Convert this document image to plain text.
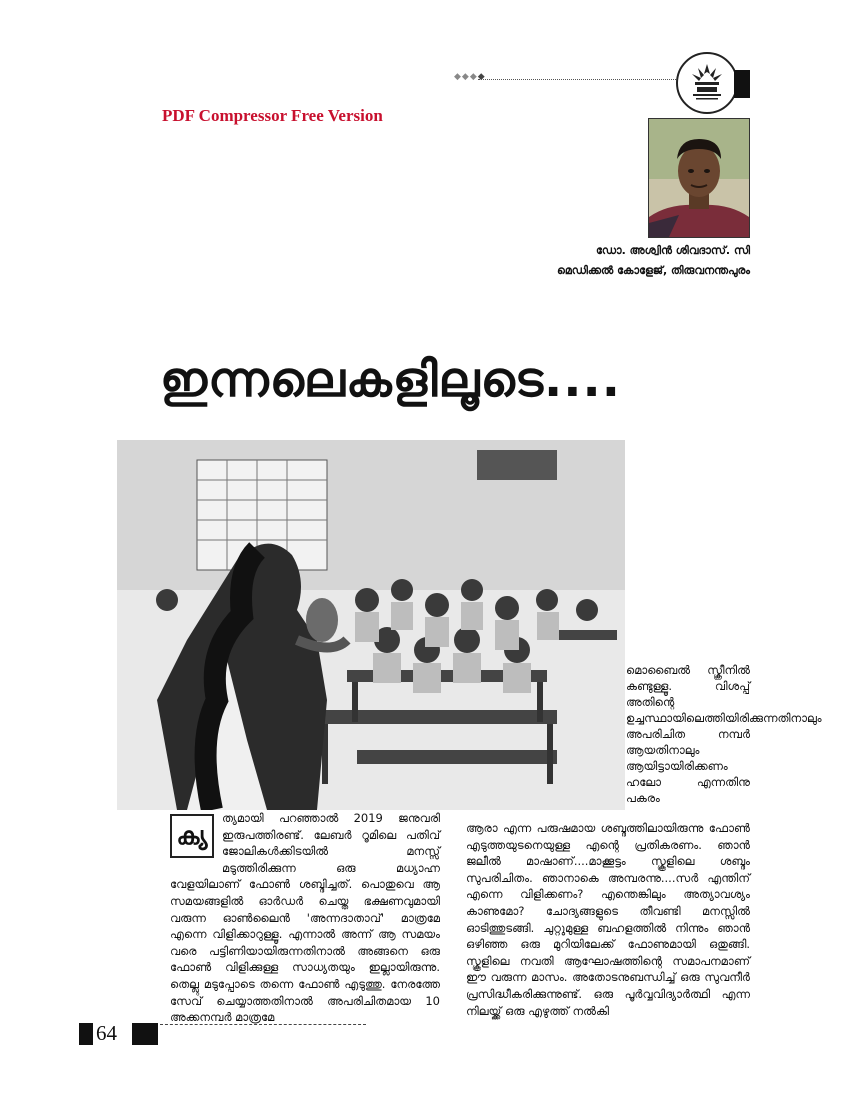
◆◆◆◆
PDF Compressor Free Version
ഡോ. അശ്വിൻ ശിവദാസ്. സി
മെഡിക്കൽ കോളേജ്, തിരുവനന്തപുരം
ഇന്നലെകളിലൂടെ....

മൊബൈൽ സ്ക്രീനിൽ കണ്ടുള്ളൂ. വിശപ്പ് അതിന്റെ ഉച്ചസ്ഥായിലെത്തിയിരിക്കുന്നതിനാലും അപരിചിത നമ്പർ ആയതിനാലും ആയിട്ടായിരിക്കണം ഹലോ എന്നതിനു പകരം

ക്യ

ത്യമായി പറഞ്ഞാൽ 2019 ജനുവരി ഇരുപത്തിരണ്ട്. ലേബർ റൂമിലെ പതിവ് ജോലികൾക്കിടയിൽ മനസ്സ് മടുത്തിരിക്കുന്ന ഒരു മധ്യാഹ്ന വേളയിലാണ് ഫോൺ ശബ്ദിച്ചത്. പൊതുവെ ആ സമയങ്ങളിൽ ഓർഡർ ചെയ്ത ഭക്ഷണവുമായി വരുന്ന ഓൺലൈൻ 'അന്നദാതാവ്' മാത്രമേ എന്നെ വിളിക്കാറുള്ളൂ. എന്നാൽ അന്ന് ആ സമയം വരെ പട്ടിണിയായിരുന്നതിനാൽ അങ്ങനെ ഒരു ഫോൺ വിളിക്കുള്ള സാധ്യതയും ഇല്ലായിരുന്നു. തെല്ലു മടുപ്പോടെ തന്നെ ഫോൺ എടുത്തു. നേരത്തേ സേവ് ചെയ്യാത്തതിനാൽ അപരിചിതമായ 10 അക്കനമ്പർ മാത്രമേ

ആരാ എന്ന പരുഷമായ ശബ്ദത്തിലായിരുന്നു ഫോൺ എടുത്തയുടനെയുള്ള എന്റെ പ്രതികരണം. ഞാൻ ജലീൽ മാഷാണ്....മാക്കൂട്ടം സ്കൂളിലെ ശബ്ദം സുപരിചിതം. ഞാനാകെ അമ്പരന്നു....സർ എന്തിന് എന്നെ വിളിക്കണം? എന്തെങ്കിലും അത്യാവശ്യം കാണുമോ? ചോദ്യങ്ങളുടെ തീവണ്ടി മനസ്സിൽ ഓടിത്തുടങ്ങി. ചുറ്റുമുള്ള ബഹളത്തിൽ നിന്നും ഞാൻ ഒഴിഞ്ഞ ഒരു മുറിയിലേക്ക് ഫോണുമായി ഒതുങ്ങി. സ്കൂളിലെ നവതി ആഘോഷത്തിന്റെ സമാപനമാണ് ഈ വരുന്ന മാസം. അതോടനുബന്ധിച്ച് ഒരു സുവനീർ പ്രസിദ്ധീകരിക്കുന്നുണ്ട്. ഒരു പൂർവ്വവിദ്യാർത്ഥി എന്ന നിലയ്ക്ക് ഒരു എഴുത്ത് നൽകി

64
